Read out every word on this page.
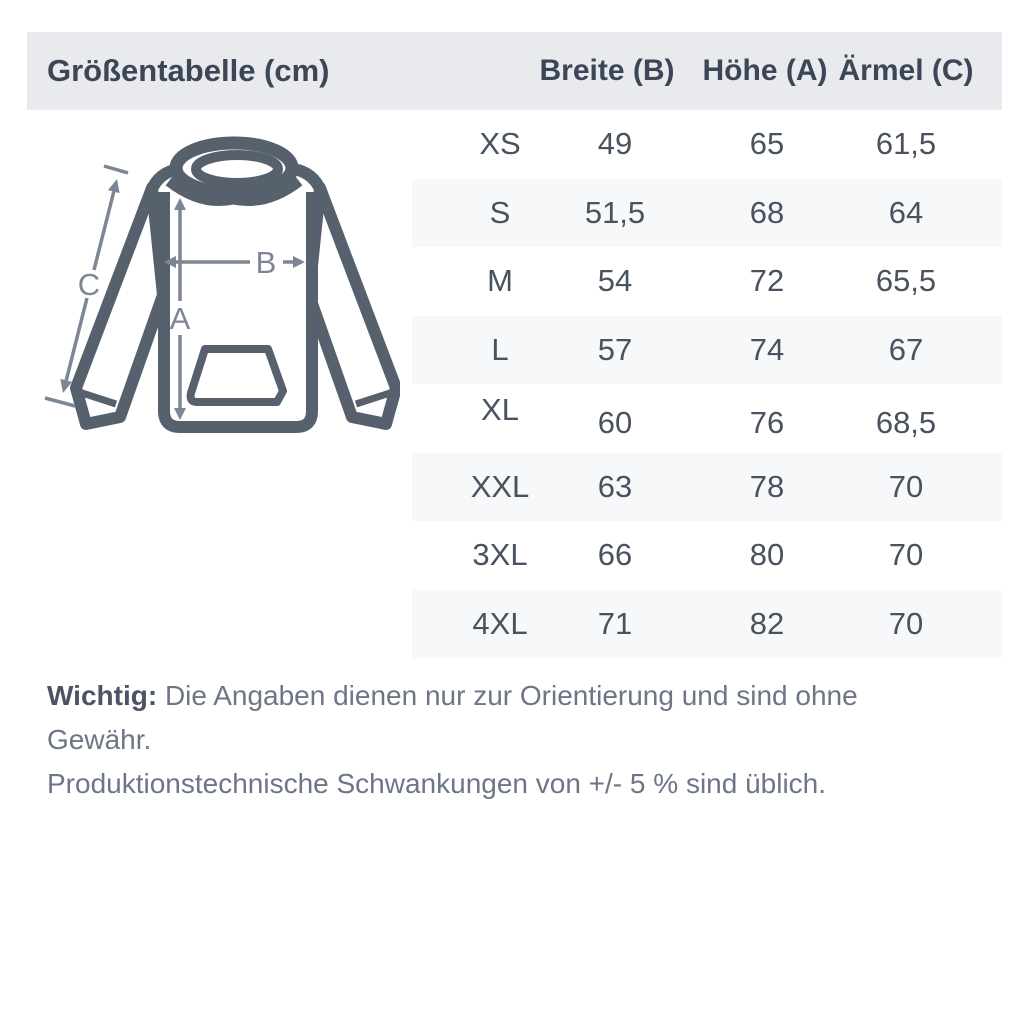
Größentabelle (cm)	Breite (B) Höhe (A) Ärmel (C)
A
B
C
XS 49	65	61,5
S 51,5	68	64
M	54	72	65,5
L	57	74	67
XL	60	76	68,5
XXL 63	78	70
3XL 66	80	70
4XL 71	82	70
Wichtig: Die Angaben dienen nur zur Orientierung und sind ohne Gewähr.
Produktionstechnische Schwankungen von +/- 5 % sind üblich.
